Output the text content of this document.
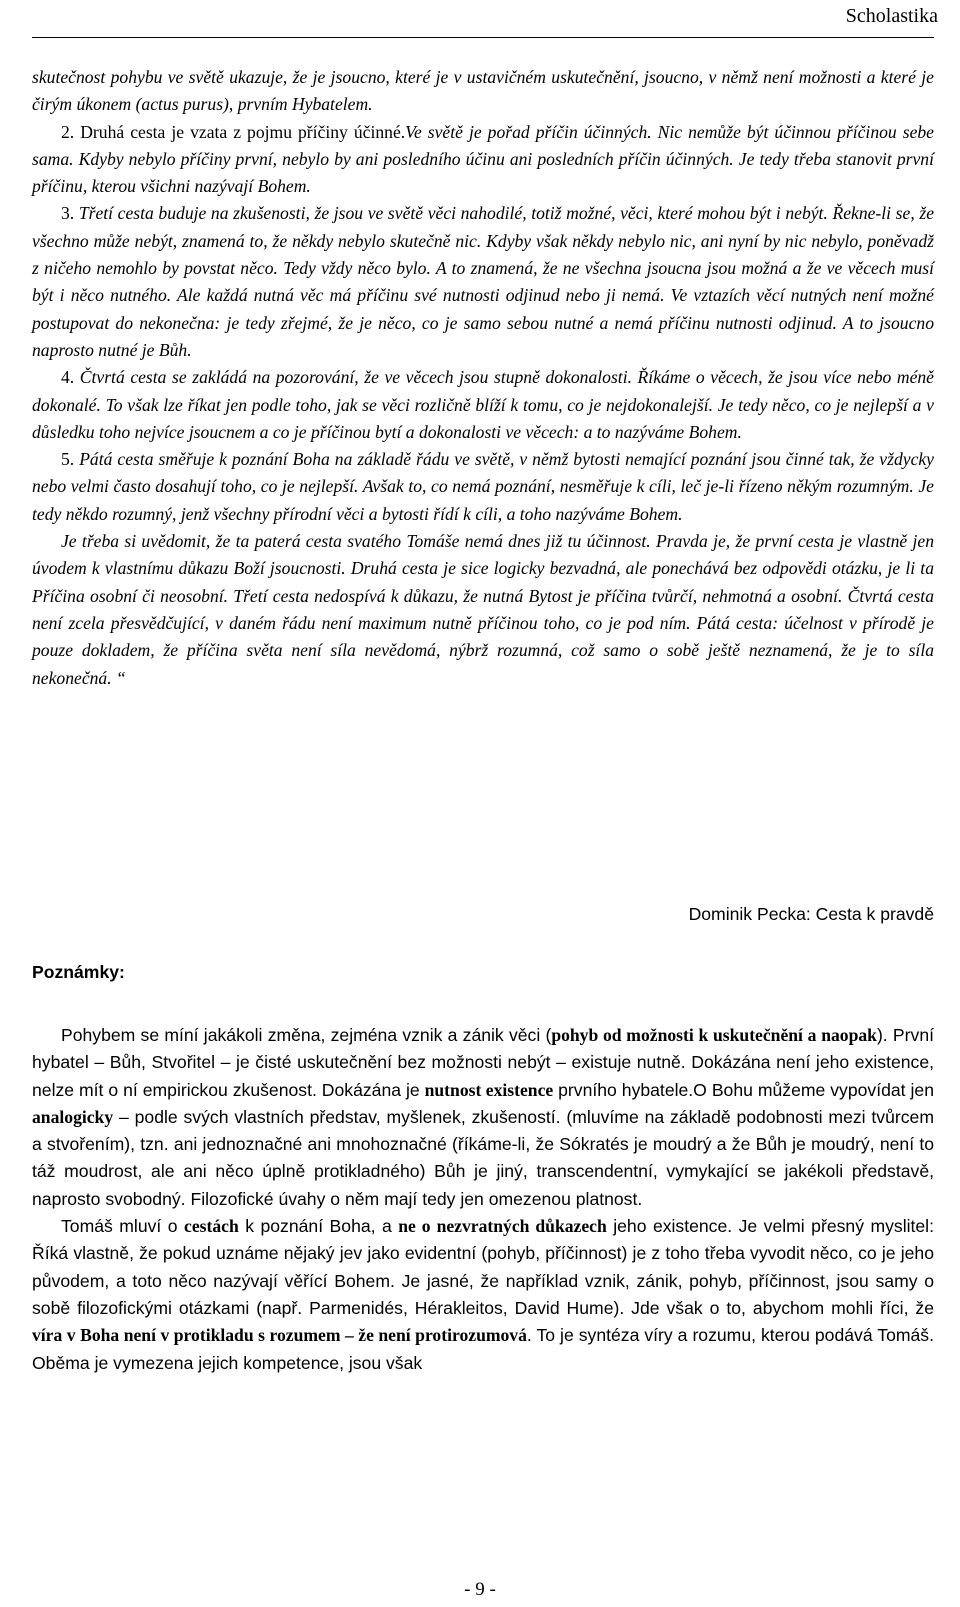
Scholastika

skutečnost pohybu ve světě ukazuje, že je jsoucno, které je v ustavičném uskutečnění, jsoucno, v němž není možnosti a které je čirým úkonem (actus purus), prvním Hybatelem.

2. Druhá cesta je vzata z pojmu příčiny účinné.Ve světě je pořad příčin účinných. Nic nemůže být účinnou příčinou sebe sama. Kdyby nebylo příčiny první, nebylo by ani posledního účinu ani posledních příčin účinných. Je tedy třeba stanovit první příčinu, kterou všichni nazývají Bohem.

3. Třetí cesta buduje na zkušenosti, že jsou ve světě věci nahodilé, totiž možné, věci, které mohou být i nebýt. Řekne-li se, že všechno může nebýt, znamená to, že někdy nebylo skutečně nic. Kdyby však někdy nebylo nic, ani nyní by nic nebylo, poněvadž z ničeho nemohlo by povstat něco. Tedy vždy něco bylo. A to znamená, že ne všechna jsoucna jsou možná a že ve věcech musí být i něco nutného. Ale každá nutná věc má příčinu své nutnosti odjinud nebo ji nemá. Ve vztazích věcí nutných není možné postupovat do nekonečna: je tedy zřejmé, že je něco, co je samo sebou nutné a nemá příčinu nutnosti odjinud. A to jsoucno naprosto nutné je Bůh.

4. Čtvrtá cesta se zakládá na pozorování, že ve věcech jsou stupně dokonalosti. Říkáme o věcech, že jsou více nebo méně dokonalé. To však lze říkat jen podle toho, jak se věci rozličně blíží k tomu, co je nejdokonalejší. Je tedy něco, co je nejlepší a v důsledku toho nejvíce jsoucnem a co je příčinou bytí a dokonalosti ve věcech: a to nazýváme Bohem.

5. Pátá cesta směřuje k poznání Boha na základě řádu ve světě, v němž bytosti nemající poznání jsou činné tak, že vždycky nebo velmi často dosahují toho, co je nejlepší. Avšak to, co nemá poznání, nesměřuje k cíli, leč je-li řízeno někým rozumným. Je tedy někdo rozumný, jenž všechny přírodní věci a bytosti řídí k cíli, a toho nazýváme Bohem.

Je třeba si uvědomit, že ta paterá cesta svatého Tomáše nemá dnes již tu účinnost. Pravda je, že první cesta je vlastně jen úvodem k vlastnímu důkazu Boží jsoucnosti. Druhá cesta je sice logicky bezvadná, ale ponechává bez odpovědi otázku, je li ta Příčina osobní či neosobní. Třetí cesta nedospívá k důkazu, že nutná Bytost je příčina tvůrčí, nehmotná a osobní. Čtvrtá cesta není zcela přesvědčující, v daném řádu není maximum nutně příčinou toho, co je pod ním. Pátá cesta: účelnost v přírodě je pouze dokladem, že příčina světa není síla nevědomá, nýbrž rozumná, což samo o sobě ještě neznamená, že je to síla nekonečná. “

Dominik Pecka: Cesta k pravdě
Poznámky:

Pohybem se míní jakákoli změna, zejména vznik a zánik věci (pohyb od možnosti k uskutečnění a naopak). První hybatel – Bůh, Stvořitel – je čisté uskutečnění bez možnosti nebýt – existuje nutně. Dokázána není jeho existence, nelze mít o ní empirickou zkušenost. Dokázána je nutnost existence prvního hybatele.O Bohu můžeme vypovídat jen analogicky – podle svých vlastních představ, myšlenek, zkušeností. (mluvíme na základě podobnosti mezi tvůrcem a stvořením), tzn. ani jednoznačné ani mnohoznačné (říkáme-li, že Sókratés je moudrý a že Bůh je moudrý, není to táž moudrost, ale ani něco úplně protikladného) Bůh je jiný, transcendentní, vymykající se jakékoli představě, naprosto svobodný. Filozofické úvahy o něm mají tedy jen omezenou platnost.

Tomáš mluví o cestách k poznání Boha, a ne o nezvratných důkazech jeho existence. Je velmi přesný myslitel: Říká vlastně, že pokud uznáme nějaký jev jako evidentní (pohyb, příčinnost) je z toho třeba vyvodit něco, co je jeho původem, a toto něco nazývají věřící Bohem. Je jasné, že například vznik, zánik, pohyb, příčinnost, jsou samy o sobě filozofickými otázkami (např. Parmenidés, Hérakleitos, David Hume). Jde však o to, abychom mohli říci, že víra v Boha není v protikladu s rozumem – že není protirozumová. To je syntéza víry a rozumu, kterou podává Tomáš. Oběma je vymezena jejich kompetence, jsou však

- 9 -
